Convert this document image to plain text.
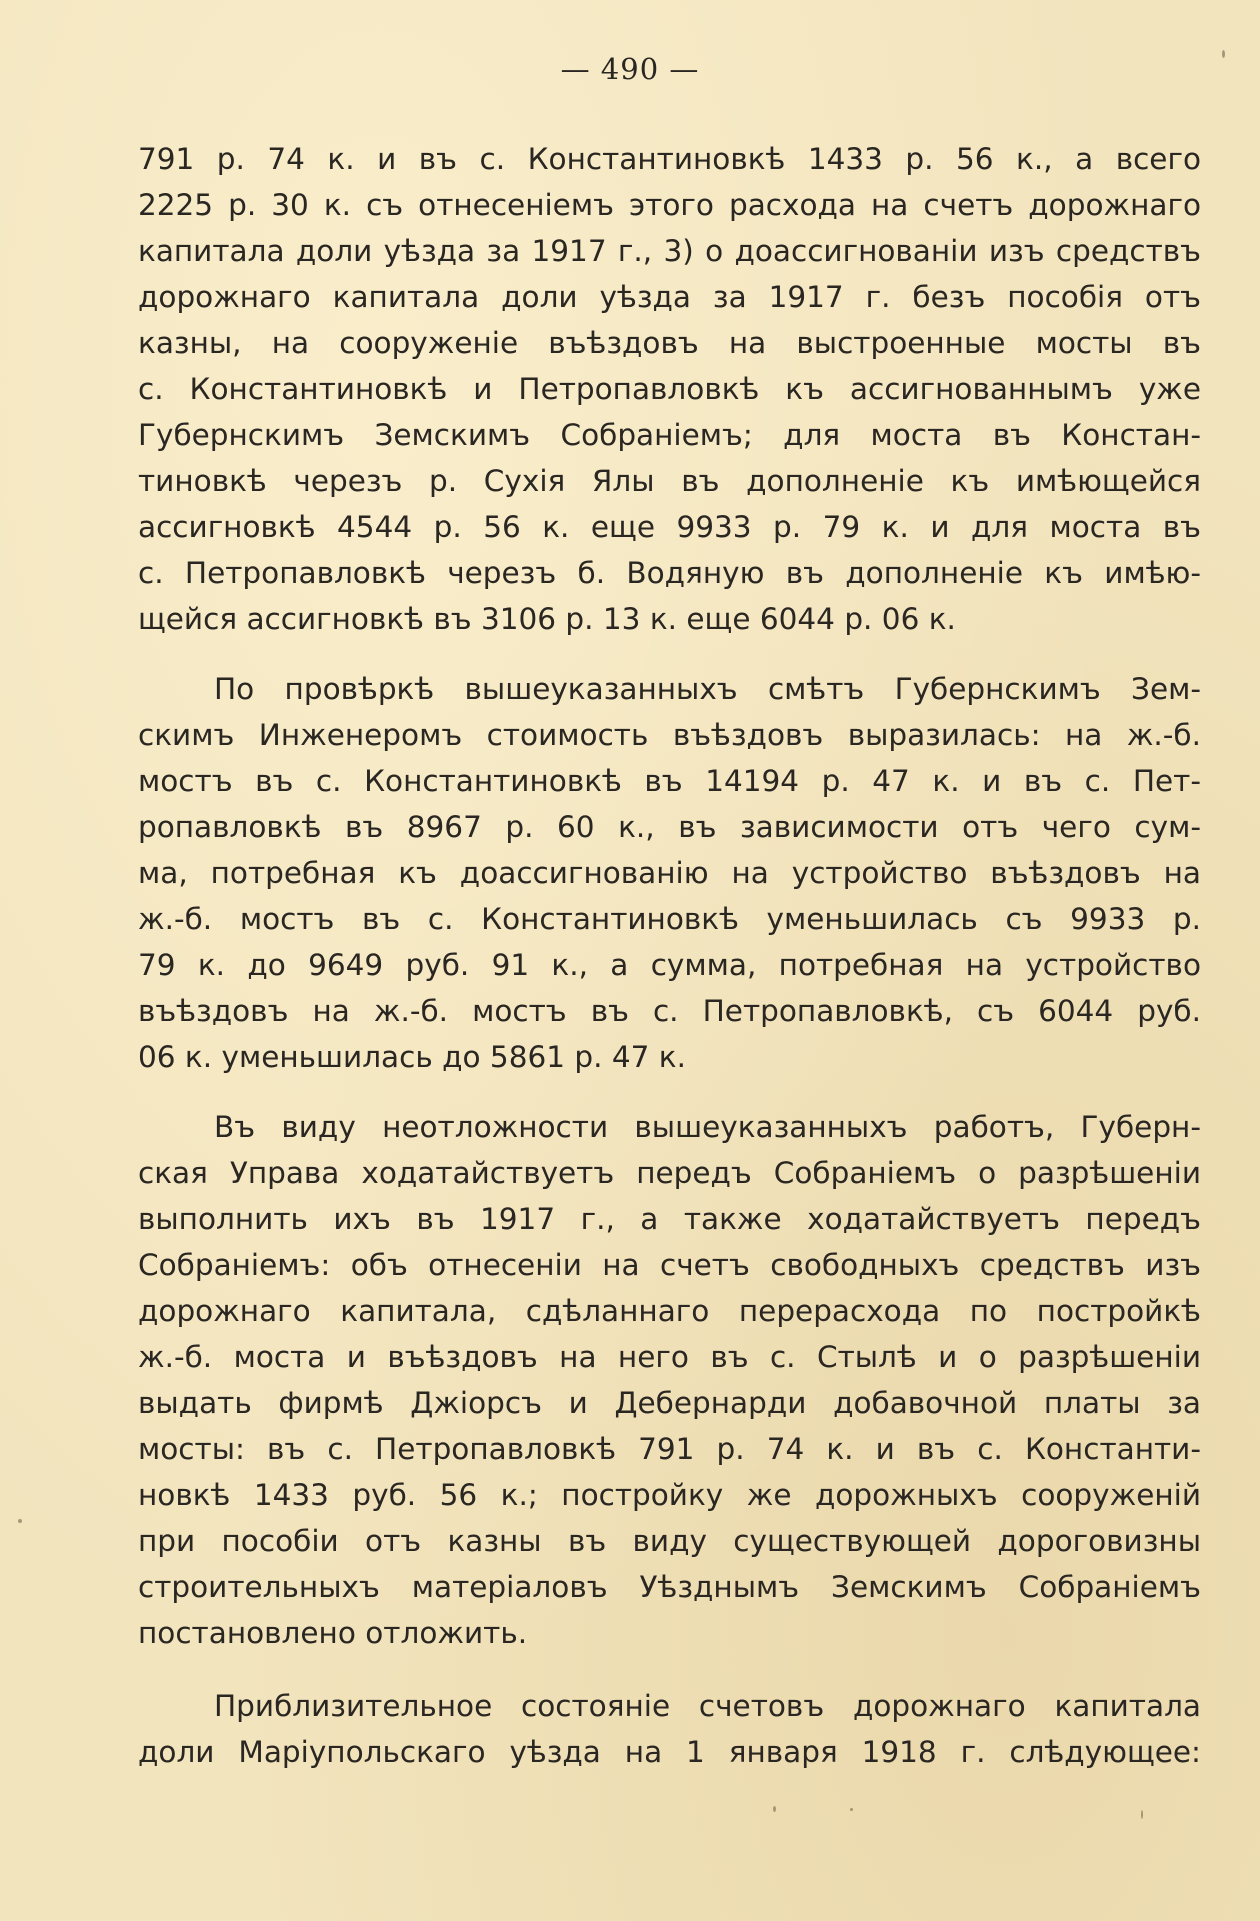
— 490 —

791 р. 74 к. и въ с. Константиновкѣ 1433 р. 56 к., а всего
2225 р. 30 к. съ отнесеніемъ этого расхода на счетъ дорожнаго
капитала доли уѣзда за 1917 г., 3) о доассигнованіи изъ средствъ
дорожнаго капитала доли уѣзда за 1917 г. безъ пособія отъ
казны, на сооруженіе въѣздовъ на выстроенные мосты въ
с. Константиновкѣ и Петропавловкѣ къ ассигнованнымъ уже
Губернскимъ Земскимъ Собраніемъ; для моста въ Констан-
тиновкѣ черезъ р. Сухія Ялы въ дополненіе къ имѣющейся
ассигновкѣ 4544 р. 56 к. еще 9933 р. 79 к. и для моста въ
с. Петропавловкѣ черезъ б. Водяную въ дополненіе къ имѣю-
щейся ассигновкѣ въ 3106 р. 13 к. еще 6044 р. 06 к.

По провѣркѣ вышеуказанныхъ смѣтъ Губернскимъ Зем-
скимъ Инженеромъ стоимость въѣздовъ выразилась: на ж.-б.
мостъ въ с. Константиновкѣ въ 14194 р. 47 к. и въ с. Пет-
ропавловкѣ въ 8967 р. 60 к., въ зависимости отъ чего сум-
ма, потребная къ доассигнованію на устройство въѣздовъ на
ж.-б. мостъ въ с. Константиновкѣ уменьшилась съ 9933 р.
79 к. до 9649 руб. 91 к., а сумма, потребная на устройство
въѣздовъ на ж.-б. мостъ въ с. Петропавловкѣ, съ 6044 руб.
06 к. уменьшилась до 5861 р. 47 к.

Въ виду неотложности вышеуказанныхъ работъ, Губерн-
ская Управа ходатайствуетъ передъ Собраніемъ о разрѣшеніи
выполнить ихъ въ 1917 г., а также ходатайствуетъ передъ
Собраніемъ: объ отнесеніи на счетъ свободныхъ средствъ изъ
дорожнаго капитала, сдѣланнаго перерасхода по постройкѣ
ж.-б. моста и въѣздовъ на него въ с. Стылѣ и о разрѣшеніи
выдать фирмѣ Джіорсъ и Дебернарди добавочной платы за
мосты: въ с. Петропавловкѣ 791 р. 74 к. и въ с. Константи-
новкѣ 1433 руб. 56 к.; постройку же дорожныхъ сооруженій
при пособіи отъ казны въ виду существующей дороговизны
строительныхъ матеріаловъ Уѣзднымъ Земскимъ Собраніемъ
постановлено отложить.

Приблизительное состояніе счетовъ дорожнаго капитала
доли Маріупольскаго уѣзда на 1 января 1918 г. слѣдующее:
